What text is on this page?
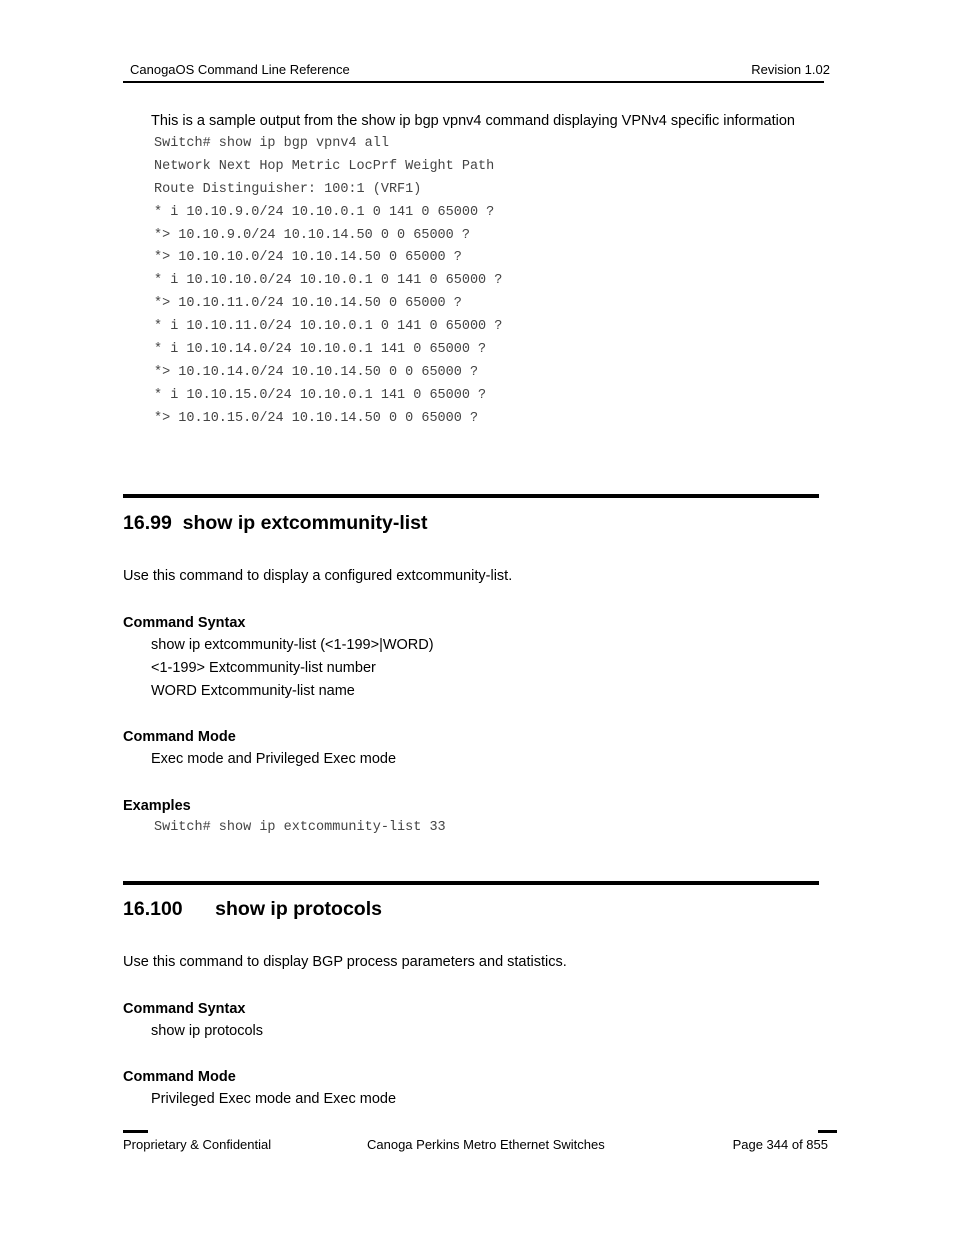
CanogaOS Command Line Reference	Revision 1.02
This is a sample output from the show ip bgp vpnv4 command displaying VPNv4 specific information
Switch# show ip bgp vpnv4 all
Network Next Hop Metric LocPrf Weight Path
Route Distinguisher: 100:1 (VRF1)
* i 10.10.9.0/24 10.10.0.1 0 141 0 65000 ?
*> 10.10.9.0/24 10.10.14.50 0 0 65000 ?
*> 10.10.10.0/24 10.10.14.50 0 65000 ?
* i 10.10.10.0/24 10.10.0.1 0 141 0 65000 ?
*> 10.10.11.0/24 10.10.14.50 0 65000 ?
* i 10.10.11.0/24 10.10.0.1 0 141 0 65000 ?
* i 10.10.14.0/24 10.10.0.1 141 0 65000 ?
*> 10.10.14.0/24 10.10.14.50 0 0 65000 ?
* i 10.10.15.0/24 10.10.0.1 141 0 65000 ?
*> 10.10.15.0/24 10.10.14.50 0 0 65000 ?
16.99  show ip extcommunity-list
Use this command to display a configured extcommunity-list.
Command Syntax
show ip extcommunity-list (<1-199>|WORD)
<1-199> Extcommunity-list number
WORD Extcommunity-list name
Command Mode
Exec mode and Privileged Exec mode
Examples
Switch# show ip extcommunity-list 33
16.100      show ip protocols
Use this command to display BGP process parameters and statistics.
Command Syntax
show ip protocols
Command Mode
Privileged Exec mode and Exec mode
Proprietary & Confidential	Canoga Perkins Metro Ethernet Switches	Page 344 of 855
